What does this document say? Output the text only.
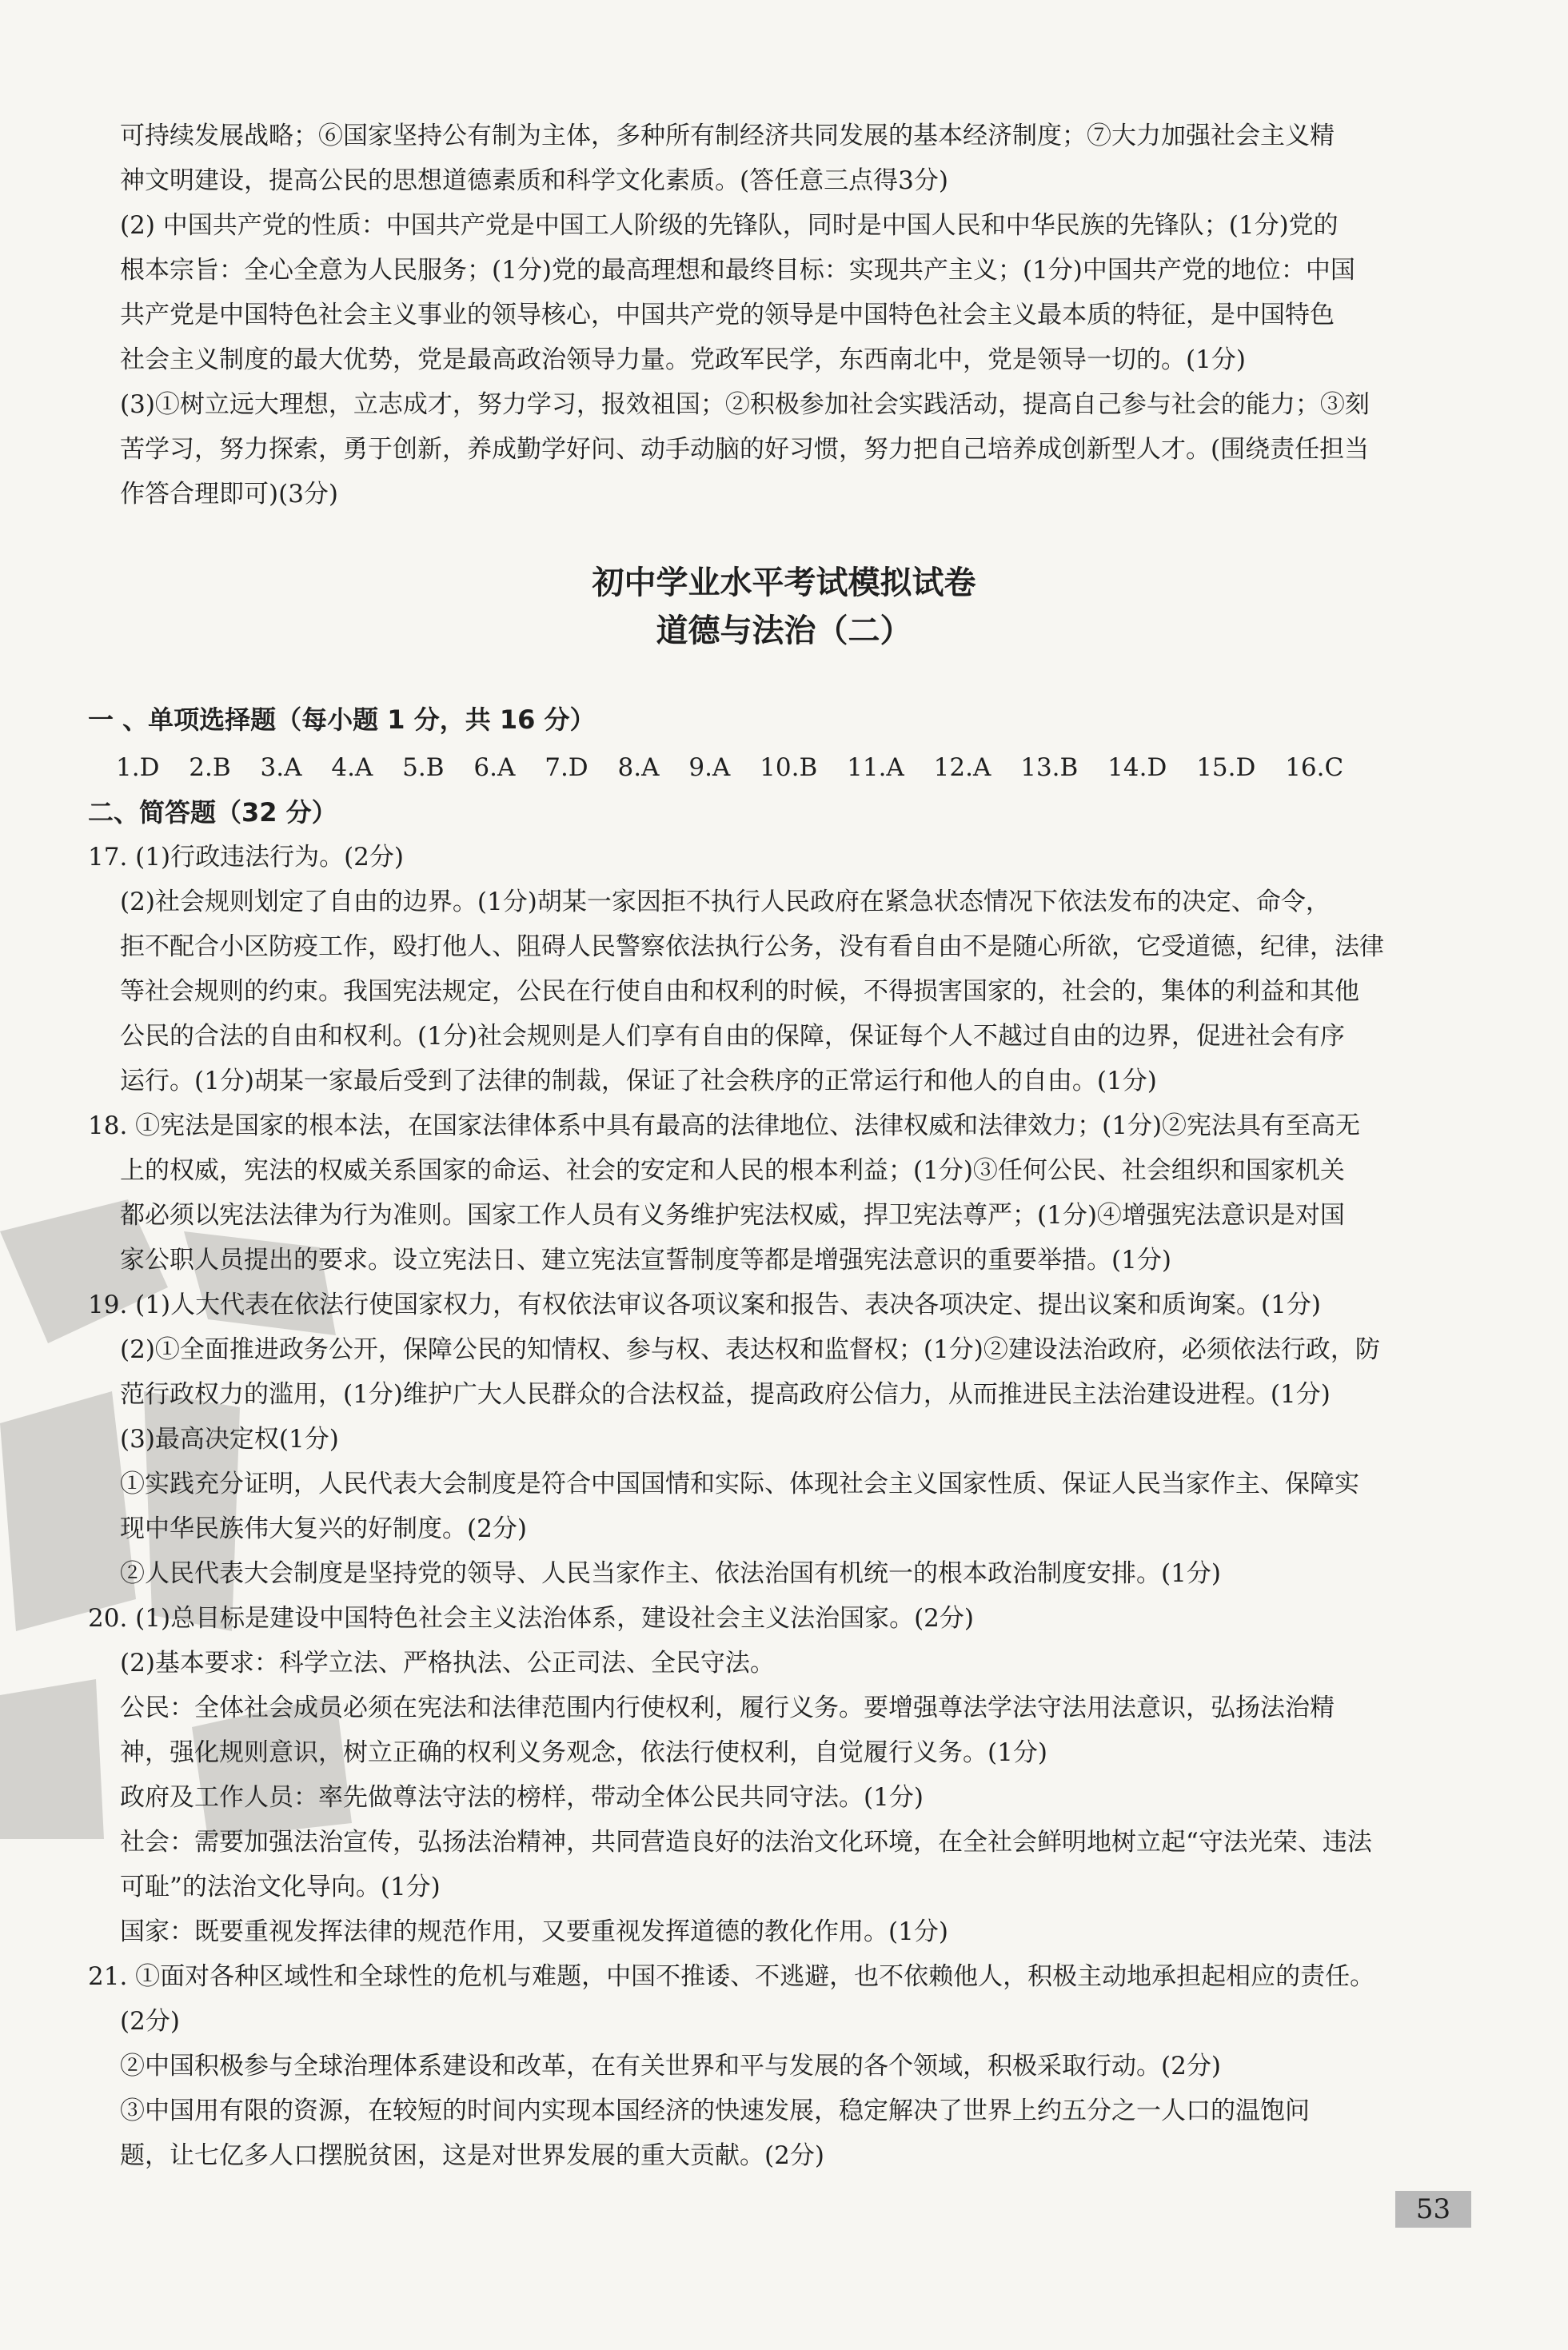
可持续发展战略；⑥国家坚持公有制为主体，多种所有制经济共同发展的基本经济制度；⑦大力加强社会主义精
神文明建设，提高公民的思想道德素质和科学文化素质。(答任意三点得3分)
(2) 中国共产党的性质：中国共产党是中国工人阶级的先锋队，同时是中国人民和中华民族的先锋队；(1分)党的
根本宗旨：全心全意为人民服务；(1分)党的最高理想和最终目标：实现共产主义；(1分)中国共产党的地位：中国
共产党是中国特色社会主义事业的领导核心，中国共产党的领导是中国特色社会主义最本质的特征，是中国特色
社会主义制度的最大优势，党是最高政治领导力量。党政军民学，东西南北中，党是领导一切的。(1分)
(3)①树立远大理想，立志成才，努力学习，报效祖国；②积极参加社会实践活动，提高自己参与社会的能力；③刻
苦学习，努力探索，勇于创新，养成勤学好问、动手动脑的好习惯，努力把自己培养成创新型人才。(围绕责任担当
作答合理即可)(3分)
初中学业水平考试模拟试卷
道德与法治（二）
一 、单项选择题（每小题 1 分，共 16 分）
1.D 2.B 3.A 4.A 5.B 6.A 7.D 8.A 9.A 10.B 11.A 12.A 13.B 14.D 15.D 16.C
二、简答题（32 分）
17. (1)行政违法行为。(2分)
(2)社会规则划定了自由的边界。(1分)胡某一家因拒不执行人民政府在紧急状态情况下依法发布的决定、命令，
拒不配合小区防疫工作，殴打他人、阻碍人民警察依法执行公务，没有看自由不是随心所欲，它受道德，纪律，法律
等社会规则的约束。我国宪法规定，公民在行使自由和权利的时候，不得损害国家的，社会的，集体的利益和其他
公民的合法的自由和权利。(1分)社会规则是人们享有自由的保障，保证每个人不越过自由的边界，促进社会有序
运行。(1分)胡某一家最后受到了法律的制裁，保证了社会秩序的正常运行和他人的自由。(1分)
18. ①宪法是国家的根本法，在国家法律体系中具有最高的法律地位、法律权威和法律效力；(1分)②宪法具有至高无
上的权威，宪法的权威关系国家的命运、社会的安定和人民的根本利益；(1分)③任何公民、社会组织和国家机关
都必须以宪法法律为行为准则。国家工作人员有义务维护宪法权威，捍卫宪法尊严；(1分)④增强宪法意识是对国
家公职人员提出的要求。设立宪法日、建立宪法宣誓制度等都是增强宪法意识的重要举措。(1分)
19. (1)人大代表在依法行使国家权力，有权依法审议各项议案和报告、表决各项决定、提出议案和质询案。(1分)
(2)①全面推进政务公开，保障公民的知情权、参与权、表达权和监督权；(1分)②建设法治政府，必须依法行政，防
范行政权力的滥用，(1分)维护广大人民群众的合法权益，提高政府公信力，从而推进民主法治建设进程。(1分)
(3)最高决定权(1分)
①实践充分证明，人民代表大会制度是符合中国国情和实际、体现社会主义国家性质、保证人民当家作主、保障实
现中华民族伟大复兴的好制度。(2分)
②人民代表大会制度是坚持党的领导、人民当家作主、依法治国有机统一的根本政治制度安排。(1分)
20. (1)总目标是建设中国特色社会主义法治体系，建设社会主义法治国家。(2分)
(2)基本要求：科学立法、严格执法、公正司法、全民守法。
公民：全体社会成员必须在宪法和法律范围内行使权利，履行义务。要增强尊法学法守法用法意识，弘扬法治精
神，强化规则意识，树立正确的权利义务观念，依法行使权利，自觉履行义务。(1分)
政府及工作人员：率先做尊法守法的榜样，带动全体公民共同守法。(1分)
社会：需要加强法治宣传，弘扬法治精神，共同营造良好的法治文化环境，在全社会鲜明地树立起“守法光荣、违法
可耻”的法治文化导向。(1分)
国家：既要重视发挥法律的规范作用，又要重视发挥道德的教化作用。(1分)
21. ①面对各种区域性和全球性的危机与难题，中国不推诿、不逃避，也不依赖他人，积极主动地承担起相应的责任。
(2分)
②中国积极参与全球治理体系建设和改革，在有关世界和平与发展的各个领域，积极采取行动。(2分)
③中国用有限的资源，在较短的时间内实现本国经济的快速发展，稳定解决了世界上约五分之一人口的温饱问
题，让七亿多人口摆脱贫困，这是对世界发展的重大贡献。(2分)
53
